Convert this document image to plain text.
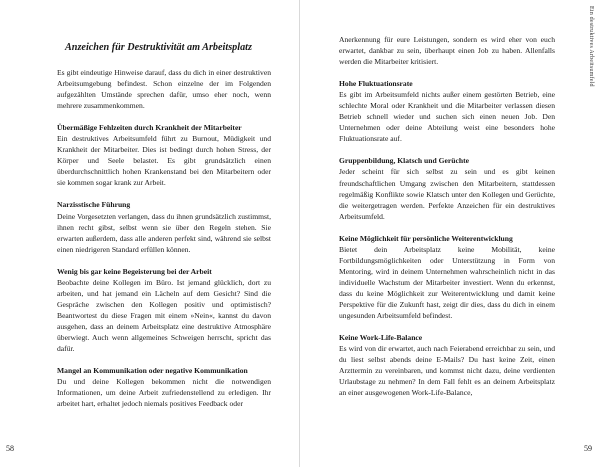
Anzeichen für Destruktivität am Arbeitsplatz

Es gibt eindeutige Hinweise darauf, dass du dich in einer destruktiven Arbeitsumgebung befindest. Schon einzelne der im Folgenden aufgezählten Umstände sprechen dafür, umso eher noch, wenn mehrere zusammenkommen.

Übermäßige Fehlzeiten durch Krankheit der Mitarbeiter

Ein destruktives Arbeitsumfeld führt zu Burnout, Müdigkeit und Krankheit der Mitarbeiter. Dies ist bedingt durch hohen Stress, der Körper und Seele belastet. Es gibt grundsätzlich einen überdurchschnittlich hohen Krankenstand bei den Mitarbeitern oder sie kommen sogar krank zur Arbeit.

Narzisstische Führung

Deine Vorgesetzten verlangen, dass du ihnen grundsätzlich zustimmst, ihnen recht gibst, selbst wenn sie über den Regeln stehen. Sie erwarten außerdem, dass alle anderen perfekt sind, während sie selbst einen niedrigeren Standard erfüllen können.

Wenig bis gar keine Begeisterung bei der Arbeit

Beobachte deine Kollegen im Büro. Ist jemand glücklich, dort zu arbeiten, und hat jemand ein Lächeln auf dem Gesicht? Sind die Gespräche zwischen den Kollegen positiv und optimistisch? Beantwortest du diese Fragen mit einem »Nein«, kannst du davon ausgehen, dass an deinem Arbeitsplatz eine destruktive Atmosphäre überwiegt. Auch wenn allgemeines Schweigen herrscht, spricht das dafür.

Mangel an Kommunikation oder negative Kommunikation

Du und deine Kollegen bekommen nicht die notwendigen Informationen, um deine Arbeit zufriedenstellend zu erledigen. Ihr arbeitet hart, erhaltet jedoch niemals positives Feedback oder

58
Ein destruktives Arbeitsumfeld

Anerkennung für eure Leistungen, sondern es wird eher von euch erwartet, dankbar zu sein, überhaupt einen Job zu haben. Allenfalls werden die Mitarbeiter kritisiert.

Hohe Fluktuationsrate

Es gibt im Arbeitsumfeld nichts außer einem gestörten Betrieb, eine schlechte Moral oder Krankheit und die Mitarbeiter verlassen diesen Betrieb schnell wieder und suchen sich einen neuen Job. Den Unternehmen oder deine Abteilung weist eine besonders hohe Fluktuationsrate auf.

Gruppenbildung, Klatsch und Gerüchte

Jeder scheint für sich selbst zu sein und es gibt keinen freundschaftlichen Umgang zwischen den Mitarbeitern, stattdessen regelmäßig Konflikte sowie Klatsch unter den Kollegen und Gerüchte, die weitergetragen werden. Perfekte Anzeichen für ein destruktives Arbeitsumfeld.

Keine Möglichkeit für persönliche Weiterentwicklung

Bietet dein Arbeitsplatz keine Mobilität, keine Fortbildungsmöglichkeiten oder Unterstützung in Form von Mentoring, wird in deinem Unternehmen wahrscheinlich nicht in das individuelle Wachstum der Mitarbeiter investiert. Wenn du erkennst, dass du keine Möglichkeit zur Weiterentwicklung und damit keine Perspektive für die Zukunft hast, zeigt dir dies, dass du dich in einem ungesunden Arbeitsumfeld befindest.

Keine Work-Life-Balance

Es wird von dir erwartet, auch nach Feierabend erreichbar zu sein, und du liest selbst abends deine E-Mails? Du hast keine Zeit, einen Arzttermin zu vereinbaren, und kommst nicht dazu, deine verdienten Urlaubstage zu nehmen? In dem Fall fehlt es an deinem Arbeitsplatz an einer ausgewogenen Work-Life-Balance,

59
